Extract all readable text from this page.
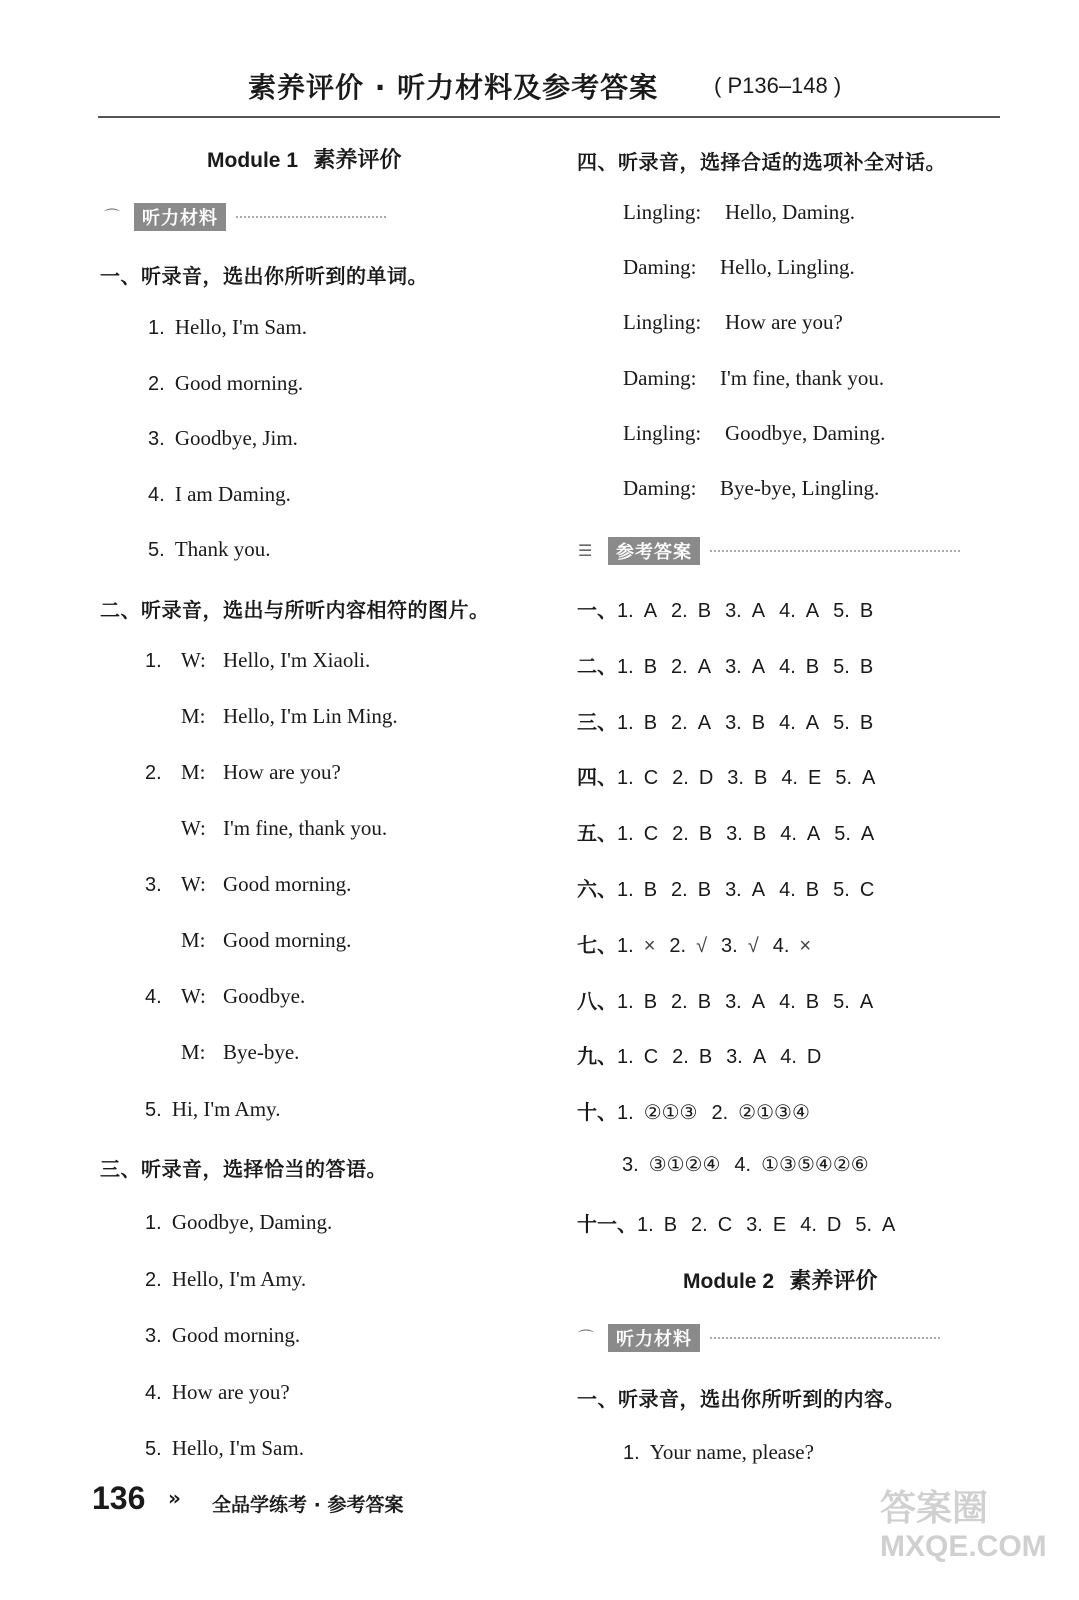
素养评价 · 听力材料及参考答案	( P136–148 )
Module 1 素养评价
⌒	听力材料
一、听录音，选出你所听到的单词。
1. Hello, I'm Sam.
2. Good morning.
3. Goodbye, Jim.
4. I am Daming.
5. Thank you.
二、听录音，选出与所听内容相符的图片。
1. W: Hello, I'm Xiaoli.
M: Hello, I'm Lin Ming.
2. M: How are you?
W: I'm fine, thank you.
3. W: Good morning.
M: Good morning.
4. W: Goodbye.
M: Bye-bye.
5. Hi, I'm Amy.
三、听录音，选择恰当的答语。
1. Goodbye, Daming.
2. Hello, I'm Amy.
3. Good morning.
4. How are you?
5. Hello, I'm Sam.
四、听录音，选择合适的选项补全对话。
Lingling: Hello, Daming.
Daming: Hello, Lingling.
Lingling: How are you?
Daming: I'm fine, thank you.
Lingling: Goodbye, Daming.
Daming: Bye-bye, Lingling.
☰	参考答案
一、1. A 2. B 3. A 4. A 5. B
二、1. B 2. A 3. A 4. B 5. B
三、1. B 2. A 3. B 4. A 5. B
四、1. C 2. D 3. B 4. E 5. A
五、1. C 2. B 3. B 4. A 5. A
六、1. B 2. B 3. A 4. B 5. C
七、1. × 2. √ 3. √ 4. ×
八、1. B 2. B 3. A 4. B 5. A
九、1. C 2. B 3. A 4. D
十、1. ②①③ 2. ②①③④
3. ③①②④ 4. ①③⑤④②⑥
十一、1. B 2. C 3. E 4. D 5. A
Module 2 素养评价
⌒	听力材料
一、听录音，选出你所听到的内容。
1. Your name, please?
136 » 全品学练考 · 参考答案	答案圈
MXQE.COM
